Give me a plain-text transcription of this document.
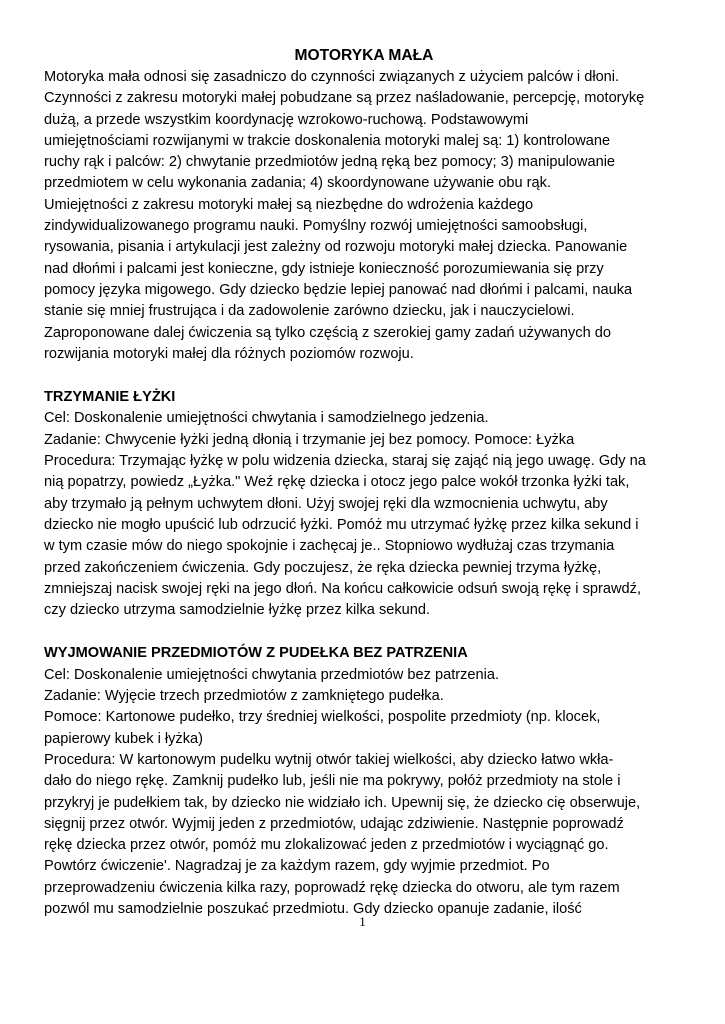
MOTORYKA MAŁA
Motoryka mała odnosi się zasadniczo do czynności związanych z użyciem palców i dłoni.
Czynności z zakresu motoryki małej pobudzane są przez naśladowanie, percepcję, motorykę
dużą, a przede wszystkim koordynację wzrokowo-ruchową. Podstawowymi
umiejętnościami rozwijanymi w trakcie doskonalenia motoryki malej są: 1) kontrolowane
ruchy rąk i palców: 2) chwytanie przedmiotów jedną ręką bez pomocy; 3) manipulowanie
przedmiotem w celu wykonania zadania; 4) skoordynowane używanie obu rąk.
Umiejętności z zakresu motoryki małej są niezbędne do wdrożenia każdego
zindywidualizowanego programu nauki. Pomyślny rozwój umiejętności samoobsługi,
rysowania, pisania i artykulacji jest zależny od rozwoju motoryki małej dziecka. Panowanie
nad dłońmi i palcami jest konieczne, gdy istnieje konieczność porozumiewania się przy
pomocy języka migowego. Gdy dziecko będzie lepiej panować nad dłońmi i palcami, nauka
stanie się mniej frustrująca i da zadowolenie zarówno dziecku, jak i nauczycielowi.
Zaproponowane dalej ćwiczenia są tylko częścią z szerokiej gamy zadań używanych do
rozwijania motoryki małej dla różnych poziomów rozwoju.
TRZYMANIE ŁYŻKI
Cel: Doskonalenie umiejętności chwytania i samodzielnego jedzenia.
Zadanie: Chwycenie łyżki jedną dłonią i trzymanie jej bez pomocy. Pomoce: Łyżka
Procedura: Trzymając łyżkę w polu widzenia dziecka, staraj się zająć nią jego uwagę. Gdy na
nią popatrzy, powiedz „Łyżka." Weź rękę dziecka i otocz jego palce wokół trzonka łyżki tak,
aby trzymało ją pełnym uchwytem dłoni. Użyj swojej ręki dla wzmocnienia uchwytu, aby
dziecko nie mogło upuścić lub odrzucić łyżki. Pomóż mu utrzymać łyżkę przez kilka sekund i
w tym czasie mów do niego spokojnie i zachęcaj je.. Stopniowo wydłużaj czas trzymania
przed zakończeniem ćwiczenia. Gdy poczujesz, że ręka dziecka pewniej trzyma łyżkę,
zmniejszaj nacisk swojej ręki na jego dłoń. Na końcu całkowicie odsuń swoją rękę i sprawdź,
czy dziecko utrzyma samodzielnie łyżkę przez kilka sekund.
WYJMOWANIE PRZEDMIOTÓW Z PUDEŁKA BEZ PATRZENIA
Cel: Doskonalenie umiejętności chwytania przedmiotów bez patrzenia.
Zadanie: Wyjęcie trzech przedmiotów z zamkniętego pudełka.
Pomoce: Kartonowe pudełko, trzy średniej wielkości, pospolite przedmioty (np. klocek,
papierowy kubek i łyżka)
Procedura: W kartonowym pudelku wytnij otwór takiej wielkości, aby dziecko łatwo wkła-
dało do niego rękę. Zamknij pudełko lub, jeśli nie ma pokrywy, połóż przedmioty na stole i
przykryj je pudełkiem tak, by dziecko nie widziało ich. Upewnij się, że dziecko cię obserwuje,
sięgnij przez otwór. Wyjmij jeden z przedmiotów, udając zdziwienie. Następnie poprowadź
rękę dziecka przez otwór, pomóż mu zlokalizować jeden z przedmiotów i wyciągnąć go.
Powtórz ćwiczenie'. Nagradzaj je za każdym razem, gdy wyjmie przedmiot. Po
przeprowadzeniu ćwiczenia kilka razy, poprowadź rękę dziecka do otworu, ale tym razem
pozwól mu samodzielnie poszukać przedmiotu. Gdy dziecko opanuje zadanie, ilość
1
